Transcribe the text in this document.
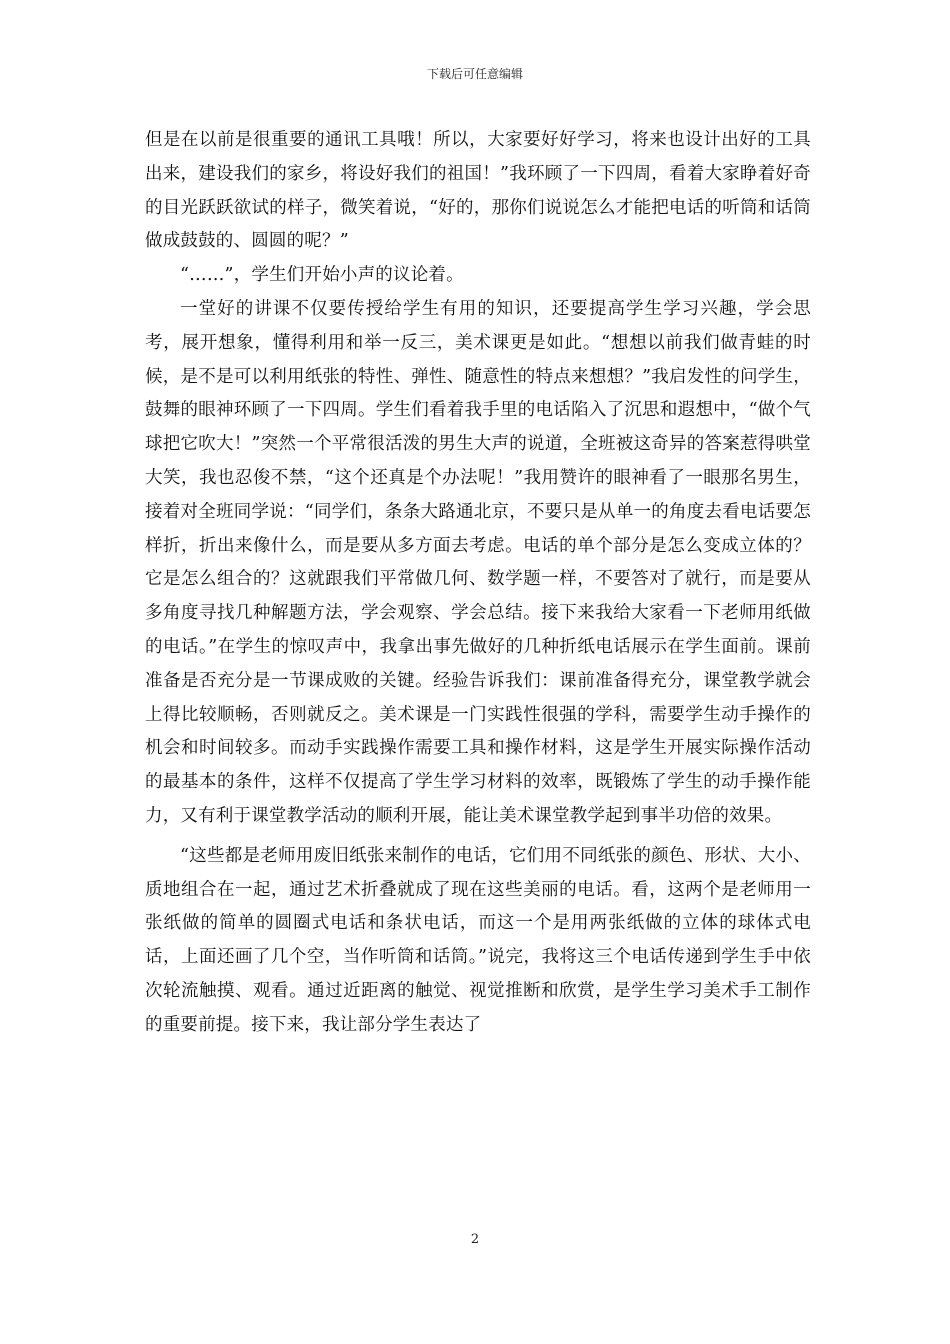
下载后可任意编辑

但是在以前是很重要的通讯工具哦！所以，大家要好好学习，将来也设计出好的工具出来，建设我们的家乡，将设好我们的祖国！”我环顾了一下四周，看着大家睁着好奇的目光跃跃欲试的样子，微笑着说，“好的，那你们说说怎么才能把电话的听筒和话筒做成鼓鼓的、圆圆的呢？”

“……”，学生们开始小声的议论着。

一堂好的讲课不仅要传授给学生有用的知识，还要提高学生学习兴趣，学会思考，展开想象，懂得利用和举一反三，美术课更是如此。“想想以前我们做青蛙的时候，是不是可以利用纸张的特性、弹性、随意性的特点来想想？”我启发性的问学生，鼓舞的眼神环顾了一下四周。学生们看着我手里的电话陷入了沉思和遐想中，“做个气球把它吹大！”突然一个平常很活泼的男生大声的说道，全班被这奇异的答案惹得哄堂大笑，我也忍俊不禁，“这个还真是个办法呢！”我用赞许的眼神看了一眼那名男生，接着对全班同学说：“同学们，条条大路通北京，不要只是从单一的角度去看电话要怎样折，折出来像什么，而是要从多方面去考虑。电话的单个部分是怎么变成立体的？它是怎么组合的？这就跟我们平常做几何、数学题一样，不要答对了就行，而是要从多角度寻找几种解题方法，学会观察、学会总结。接下来我给大家看一下老师用纸做的电话。”在学生的惊叹声中，我拿出事先做好的几种折纸电话展示在学生面前。课前准备是否充分是一节课成败的关键。经验告诉我们：课前准备得充分，课堂教学就会上得比较顺畅，否则就反之。美术课是一门实践性很强的学科，需要学生动手操作的机会和时间较多。而动手实践操作需要工具和操作材料，这是学生开展实际操作活动的最基本的条件，这样不仅提高了学生学习材料的效率，既锻炼了学生的动手操作能力，又有利于课堂教学活动的顺利开展，能让美术课堂教学起到事半功倍的效果。

“这些都是老师用废旧纸张来制作的电话，它们用不同纸张的颜色、形状、大小、质地组合在一起，通过艺术折叠就成了现在这些美丽的电话。看，这两个是老师用一张纸做的简单的圆圈式电话和条状电话，而这一个是用两张纸做的立体的球体式电话，上面还画了几个空，当作听筒和话筒。”说完，我将这三个电话传递到学生手中依次轮流触摸、观看。通过近距离的触觉、视觉推断和欣赏，是学生学习美术手工制作的重要前提。接下来，我让部分学生表达了

2
